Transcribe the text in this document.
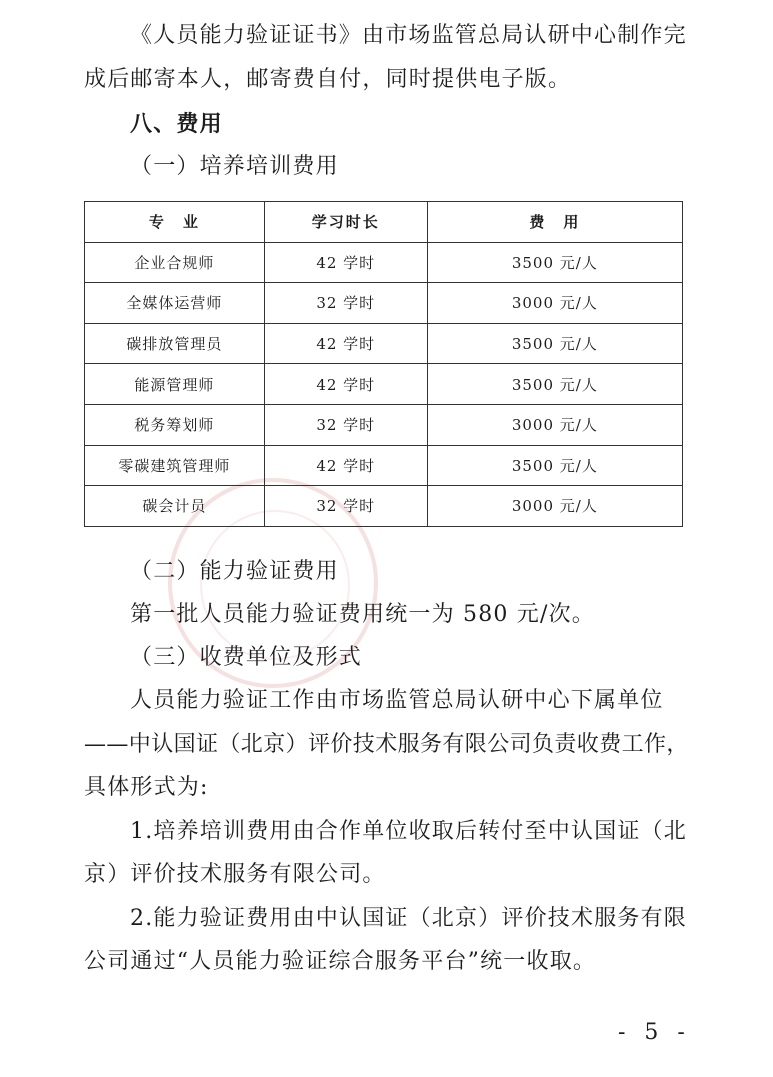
《人员能力验证证书》由市场监管总局认研中心制作完
成后邮寄本人，邮寄费自付，同时提供电子版。
八、费用
（一）培养培训费用
专　业	学习时长	费　用
企业合规师	42 学时	3500 元/人
全媒体运营师	32 学时	3000 元/人
碳排放管理员	42 学时	3500 元/人
能源管理师	42 学时	3500 元/人
税务筹划师	32 学时	3000 元/人
零碳建筑管理师	42 学时	3500 元/人
碳会计员	32 学时	3000 元/人
（二）能力验证费用
第一批人员能力验证费用统一为 580 元/次。
（三）收费单位及形式
人员能力验证工作由市场监管总局认研中心下属单位
——中认国证（北京）评价技术服务有限公司负责收费工作，
具体形式为:
1.培养培训费用由合作单位收取后转付至中认国证（北
京）评价技术服务有限公司。
2.能力验证费用由中认国证（北京）评价技术服务有限
公司通过“人员能力验证综合服务平台”统一收取。
- 5 -
